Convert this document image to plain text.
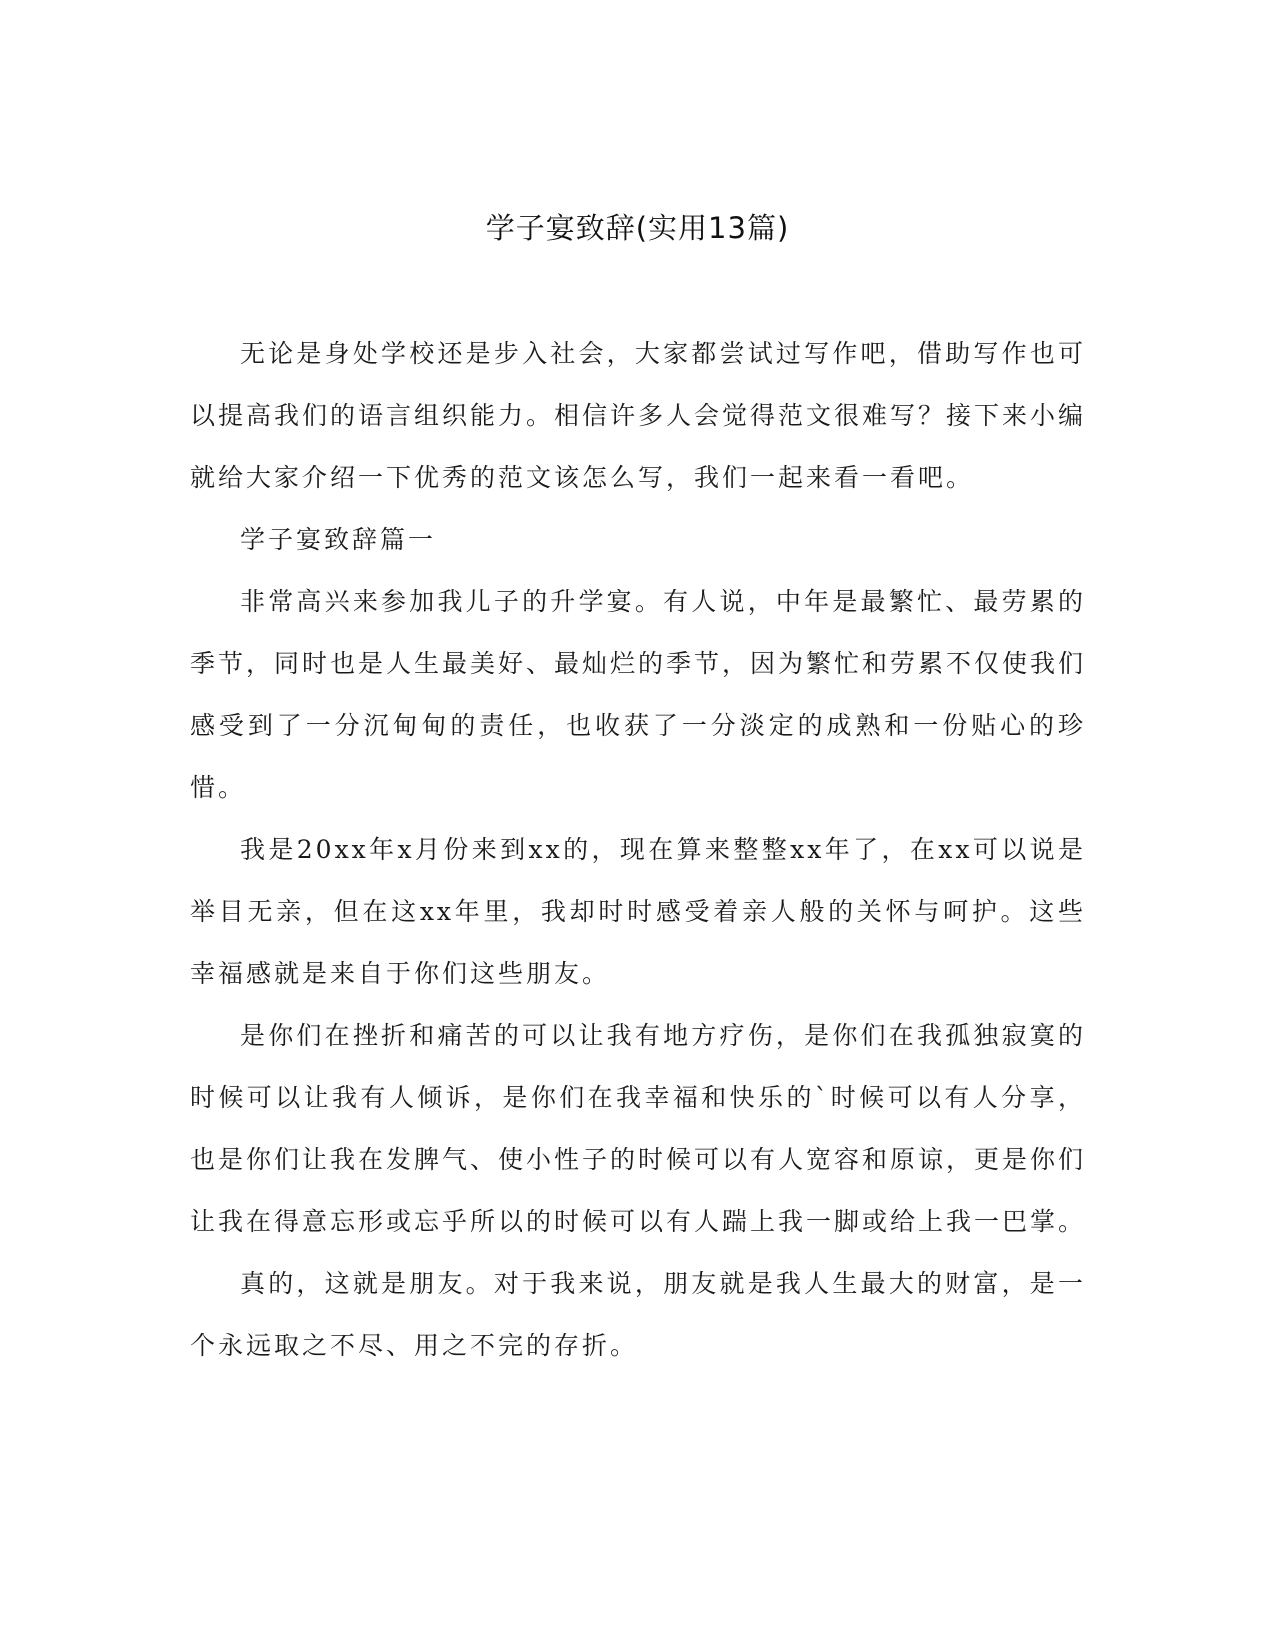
学子宴致辞(实用13篇)

无论是身处学校还是步入社会，大家都尝试过写作吧，借助写作也可以提高我们的语言组织能力。相信许多人会觉得范文很难写？接下来小编就给大家介绍一下优秀的范文该怎么写，我们一起来看一看吧。

学子宴致辞篇一

非常高兴来参加我儿子的升学宴。有人说，中年是最繁忙、最劳累的季节，同时也是人生最美好、最灿烂的季节，因为繁忙和劳累不仅使我们感受到了一分沉甸甸的责任，也收获了一分淡定的成熟和一份贴心的珍惜。

我是20xx年x月份来到xx的，现在算来整整xx年了，在xx可以说是举目无亲，但在这xx年里，我却时时感受着亲人般的关怀与呵护。这些幸福感就是来自于你们这些朋友。

是你们在挫折和痛苦的可以让我有地方疗伤，是你们在我孤独寂寞的时候可以让我有人倾诉，是你们在我幸福和快乐的`时候可以有人分享，也是你们让我在发脾气、使小性子的时候可以有人宽容和原谅，更是你们让我在得意忘形或忘乎所以的时候可以有人踹上我一脚或给上我一巴掌。

真的，这就是朋友。对于我来说，朋友就是我人生最大的财富，是一个永远取之不尽、用之不完的存折。
